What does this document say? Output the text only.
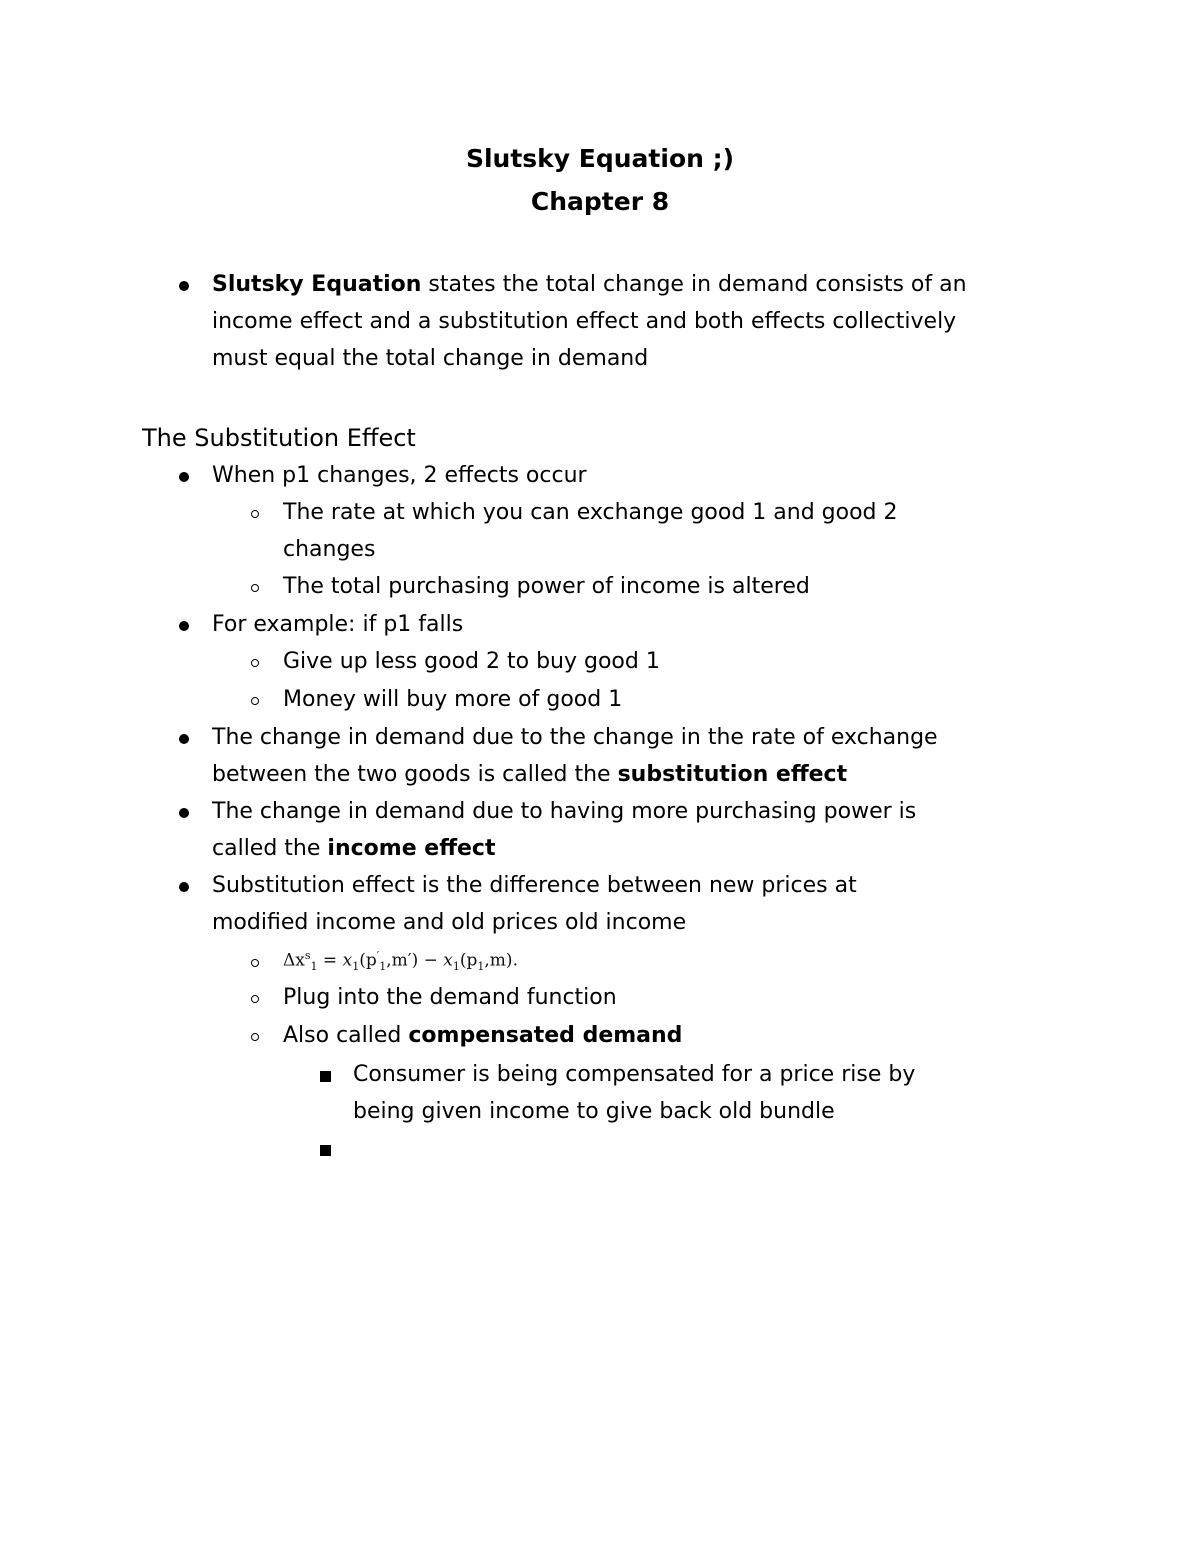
Slutsky Equation ;)
Chapter 8
Slutsky Equation states the total change in demand consists of an
income effect and a substitution effect and both effects collectively
must equal the total change in demand
The Substitution Effect
When p1 changes, 2 effects occur
The rate at which you can exchange good 1 and good 2
changes
The total purchasing power of income is altered
For example: if p1 falls
Give up less good 2 to buy good 1
Money will buy more of good 1
The change in demand due to the change in the rate of exchange
between the two goods is called the substitution effect
The change in demand due to having more purchasing power is
called the income effect
Substitution effect is the difference between new prices at
modified income and old prices old income
$\Delta x^s_1 = x_1(p'_1,m') - x_1(p_1,m)$.
Plug into the demand function
Also called compensated demand
Consumer is being compensated for a price rise by
being given income to give back old bundle
